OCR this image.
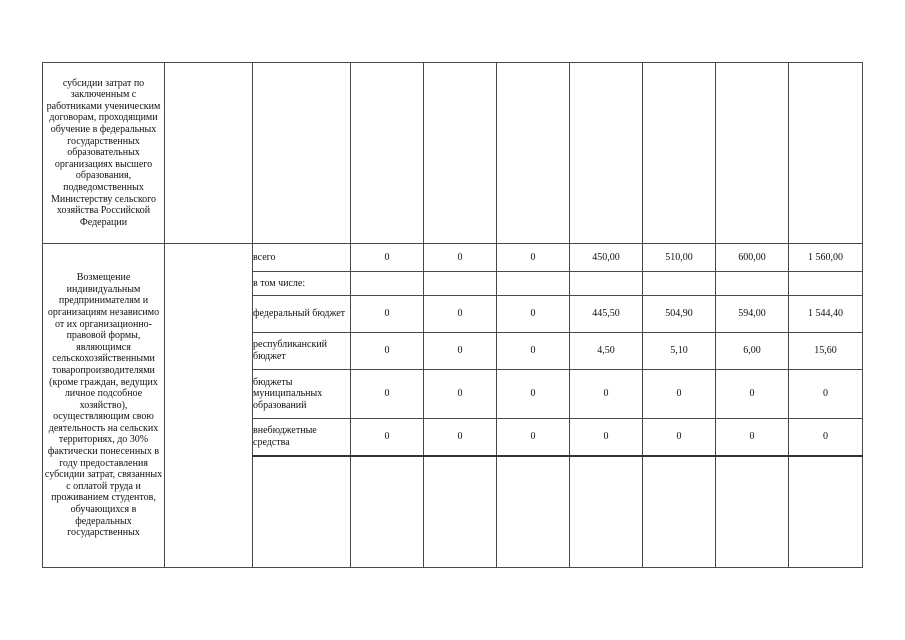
субсидии затрат по заключенным с работниками ученическим договорам, проходящими обучение в федеральных государственных образовательных организациях высшего образования, подведомственных Министерству сельского хозяйства Российской Федерации									
Возмещение индивидуальным предпринимателям и организациям независимо от их организационно-правовой формы, являющимся сельскохозяйственными товаропроизводителями (кроме граждан, ведущих личное подсобное хозяйство), осуществляющим свою деятельность на сельских территориях, до 30% фактически понесенных в году предоставления субсидии затрат, связанных с оплатой труда и проживанием студентов, обучающихся в федеральных государственных		всего	0	0	0	450,00	510,00	600,00	1 560,00
		в том числе:							
		федеральный бюджет	0	0	0	445,50	504,90	594,00	1 544,40
		республиканский бюджет	0	0	0	4,50	5,10	6,00	15,60
		бюджеты муниципальных образований	0	0	0	0	0	0	0
		внебюджетные средства	0	0	0	0	0	0	0
